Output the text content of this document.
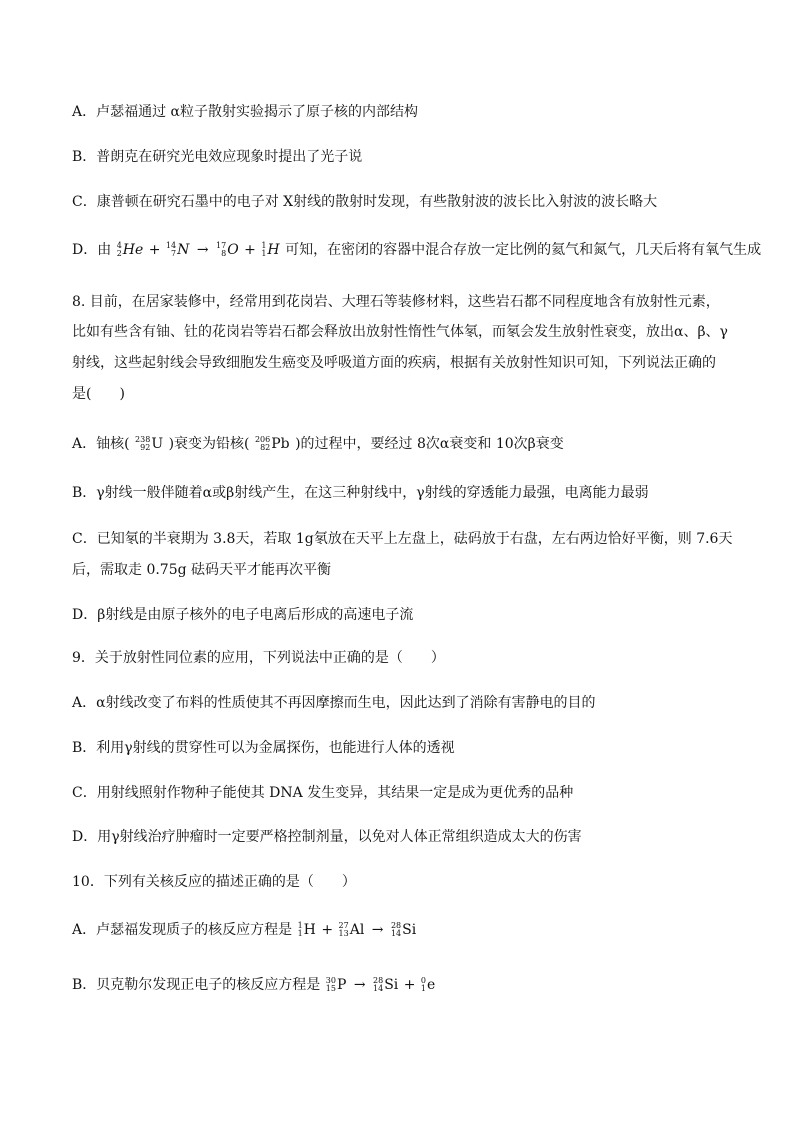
A．卢瑟福通过 α粒子散射实验揭示了原子核的内部结构
B．普朗克在研究光电效应现象时提出了光子说
C．康普顿在研究石墨中的电子对 X射线的散射时发现，有些散射波的波长比入射波的波长略大
D．由 4
2 He + 14
7 N → 17
8 O + 1
1 H 可知，在密闭的容器中混合存放一定比例的氦气和氮气，几天后将有氧气生成
8. 目前，在居家装修中，经常用到花岗岩、大理石等装修材料，这些岩石都不同程度地含有放射性元素，
比如有些含有铀、钍的花岗岩等岩石都会释放出放射性惰性气体氡，而氡会发生放射性衰变，放出α、β、γ
射线，这些起射线会导致细胞发生癌变及呼吸道方面的疾病，根据有关放射性知识可知，下列说法正确的
是(　　)
A．铀核( 238
92 U )衰变为铅核( 206
82 Pb )的过程中，要经过 8次α衰变和 10次β衰变
B．γ射线一般伴随着α或β射线产生，在这三种射线中，γ射线的穿透能力最强，电离能力最弱
C．已知氡的半衰期为 3.8天，若取 1g氡放在天平上左盘上，砝码放于右盘，左右两边恰好平衡，则 7.6天
后，需取走 0.75g 砝码天平才能再次平衡
D．β射线是由原子核外的电子电离后形成的高速电子流
9．关于放射性同位素的应用，下列说法中正确的是（　　）
A．α射线改变了布料的性质使其不再因摩擦而生电，因此达到了消除有害静电的目的
B．利用γ射线的贯穿性可以为金属探伤，也能进行人体的透视
C．用射线照射作物种子能使其 DNA 发生变异，其结果一定是成为更优秀的品种
D．用γ射线治疗肿瘤时一定要严格控制剂量，以免对人体正常组织造成太大的伤害
10．下列有关核反应的描述正确的是（　　）
A．卢瑟福发现质子的核反应方程是 1
1 H + 27
13 Al → 28
14 Si
B．贝克勒尔发现正电子的核反应方程是 30
15 P → 28
14 Si + 0
1 e
